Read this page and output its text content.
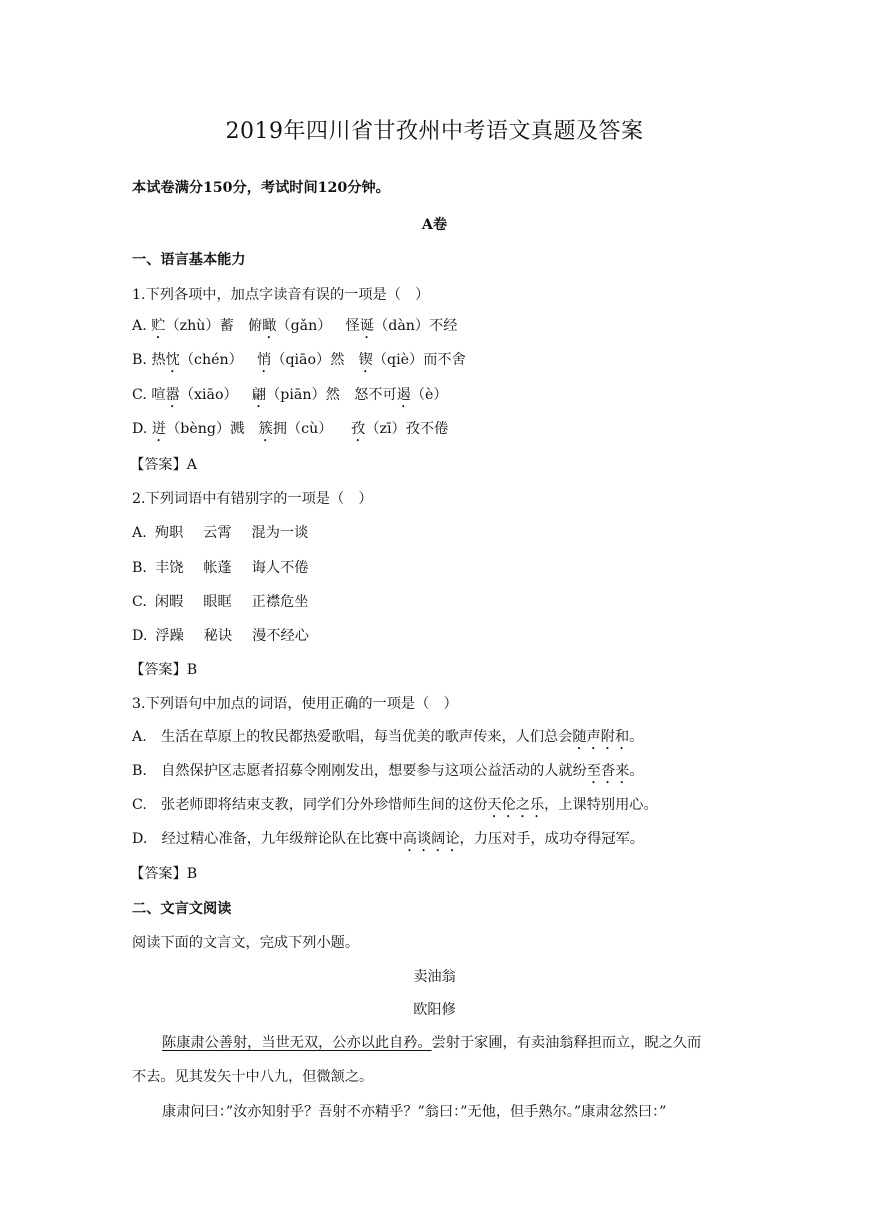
2019年四川省甘孜州中考语文真题及答案
本试卷满分150分，考试时间120分钟。
A卷
一、语言基本能力
1.下列各项中，加点字读音有误的一项是（　）
A. 贮（zhù）蓄  俯瞰（gǎn）  怪诞（dàn）不经
B. 热忱（chén）  悄（qiāo）然  锲（qiè）而不舍
C. 喧嚣（xiāo）  翩（piān）然  怒不可遏（è）
D. 迸（bèng）溅  簇拥（cù）  孜（zī）孜不倦
【答案】A
2.下列词语中有错别字的一项是（　）
A. 殉职 云霄 混为一谈
B. 丰饶 帐蓬 诲人不倦
C. 闲暇 眼眶 正襟危坐
D. 浮躁 秘诀 漫不经心
【答案】B
3.下列语句中加点的词语，使用正确的一项是（　）
A.　生活在草原上的牧民都热爱歌唱，每当优美的歌声传来，人们总会随声附和。
B.　自然保护区志愿者招募令刚刚发出，想要参与这项公益活动的人就纷至沓来。
C.　张老师即将结束支教，同学们分外珍惜师生间的这份天伦之乐，上课特别用心。
D.　经过精心准备，九年级辩论队在比赛中高谈阔论，力压对手，成功夺得冠军。
【答案】B
二、文言文阅读
阅读下面的文言文，完成下列小题。
卖油翁
欧阳修
陈康肃公善射，当世无双，公亦以此自矜。尝射于家圃，有卖油翁释担而立，睨之久而
不去。见其发矢十中八九，但微颔之。
康肃问曰：”汝亦知射乎？吾射不亦精乎？”翁曰：”无他，但手熟尔。”康肃忿然曰：”
